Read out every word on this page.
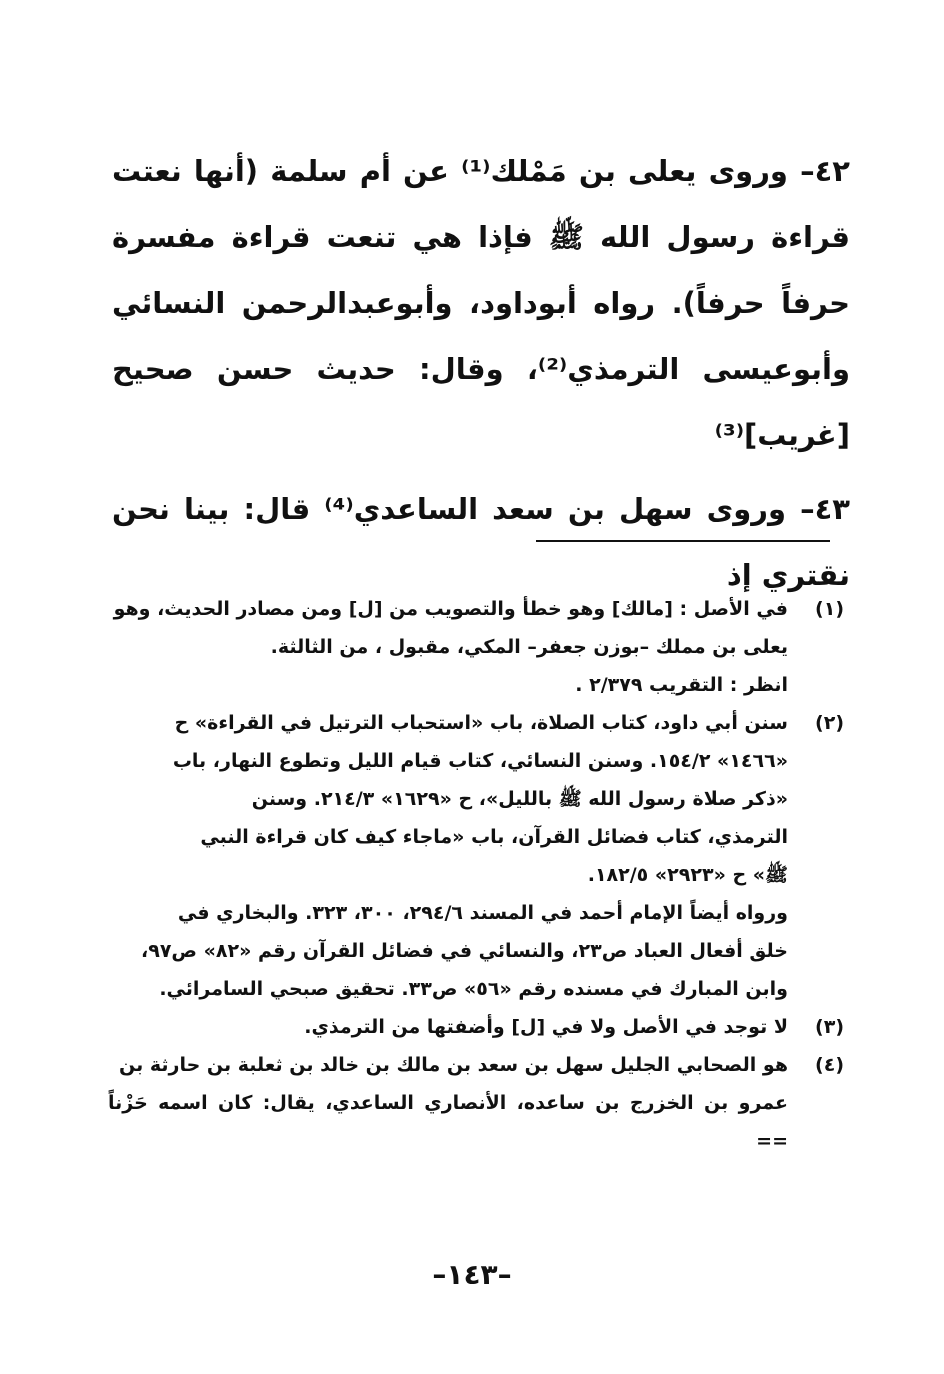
٤٢– وروى يعلى بن مَمْلك⁽¹⁾ عن أم سلمة (أنها نعتت قراءة رسول الله ﷺ فإذا هي تنعت قراءة مفسرة حرفاً حرفاً). رواه أبوداود، وأبوعبدالرحمن النسائي وأبوعيسى الترمذي⁽²⁾، وقال: حديث حسن صحيح [غريب]⁽³⁾

٤٣– وروى سهل بن سعد الساعدي⁽⁴⁾ قال: بينا نحن نقتري إذ

(١)
في الأصل : [مالك] وهو خطأ والتصويب من [ل] ومن مصادر الحديث، وهو
يعلى بن مملك –بوزن جعفر– المكي، مقبول ، من الثالثة.
انظر : التقريب ٢/٣٧٩ .
(٢)
سنن أبي داود، كتاب الصلاة، باب «استحباب الترتيل في القراءة» ح
«١٤٦٦» ١٥٤/٢. وسنن النسائي، كتاب قيام الليل وتطوع النهار، باب
«ذكر صلاة رسول الله ﷺ بالليل»، ح «١٦٢٩» ٢١٤/٣. وسنن
الترمذي، كتاب فضائل القرآن، باب «ماجاء كيف كان قراءة النبي
ﷺ» ح «٢٩٢٣» ١٨٢/٥.
ورواه أيضاً الإمام أحمد في المسند ٢٩٤/٦، ٣٠٠، ٣٢٣. والبخاري في
خلق أفعال العباد ص٢٣، والنسائي في فضائل القرآن رقم «٨٢» ص٩٧،
وابن المبارك في مسنده رقم «٥٦» ص٣٣. تحقيق صبحي السامرائي.
(٣)
لا توجد في الأصل ولا في [ل] وأضفتها من الترمذي.
(٤)
هو الصحابي الجليل سهل بن سعد بن مالك بن خالد بن ثعلبة بن حارثة بن
عمرو بن الخزرج بن ساعده، الأنصاري الساعدي، يقال: كان اسمه حَزْناً ==
–١٤٣–
